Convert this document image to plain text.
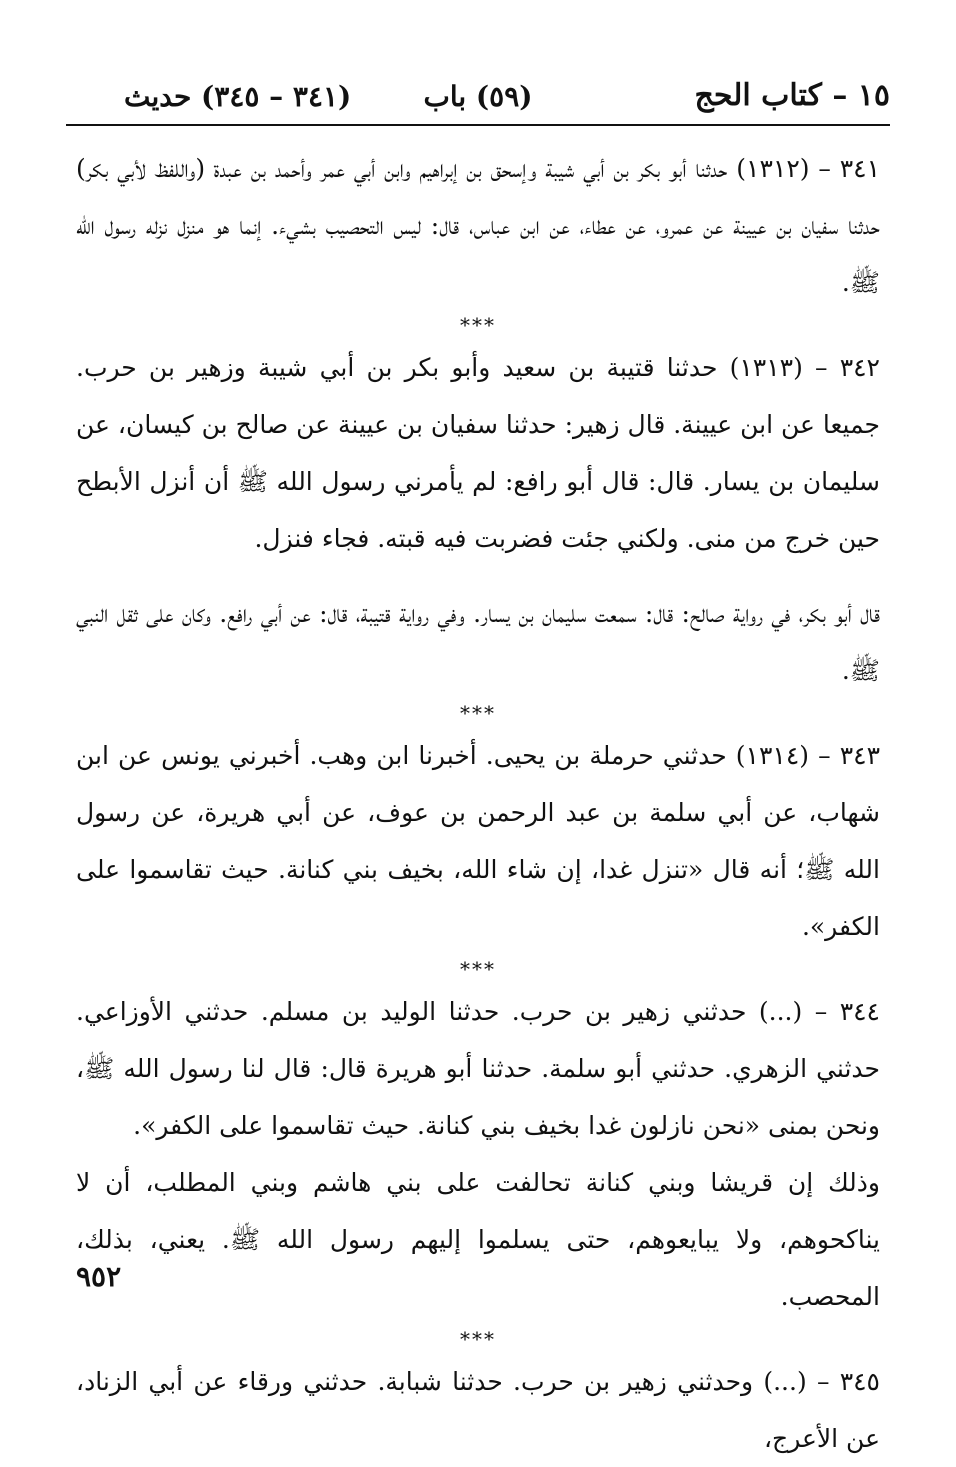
١٥ – كتاب الحج
(٥٩) باب
(٣٤١ – ٣٤٥) حديث

٣٤١ – (١٣١٢) حدثنا أبو بكر بن أبي شيبة وإسحق بن إبراهيم وابن أبي عمر وأحمد بن عبدة (واللفظ لأبي بكر) حدثنا سفيان بن عيينة عن عمرو، عن عطاء، عن ابن عباس، قال: ليس التحصيب بشيء. إنما هو منزل نزله رسول الله ﷺ.

***

٣٤٢ – (١٣١٣) حدثنا قتيبة بن سعيد وأبو بكر بن أبي شيبة وزهير بن حرب. جميعا عن ابن عيينة. قال زهير: حدثنا سفيان بن عيينة عن صالح بن كيسان، عن سليمان بن يسار. قال: قال أبو رافع: لم يأمرني رسول الله ﷺ أن أنزل الأبطح حين خرج من منى. ولكني جئت فضربت فيه قبته. فجاء فنزل.

قال أبو بكر، في رواية صالح: قال: سمعت سليمان بن يسار. وفي رواية قتيبة، قال: عن أبي رافع. وكان على ثقل النبي ﷺ.

***

٣٤٣ – (١٣١٤) حدثني حرملة بن يحيى. أخبرنا ابن وهب. أخبرني يونس عن ابن شهاب، عن أبي سلمة بن عبد الرحمن بن عوف، عن أبي هريرة، عن رسول الله ﷺ؛ أنه قال «تنزل غدا، إن شاء الله، بخيف بني كنانة. حيث تقاسموا على الكفر».

***

٣٤٤ – (...) حدثني زهير بن حرب. حدثنا الوليد بن مسلم. حدثني الأوزاعي. حدثني الزهري. حدثني أبو سلمة. حدثنا أبو هريرة قال: قال لنا رسول الله ﷺ، ونحن بمنى «نحن نازلون غدا بخيف بني كنانة. حيث تقاسموا على الكفر».

وذلك إن قريشا وبني كنانة تحالفت على بني هاشم وبني المطلب، أن لا يناكحوهم، ولا يبايعوهم، حتى يسلموا إليهم رسول الله ﷺ. يعني، بذلك، المحصب.

***

٣٤٥ – (...) وحدثني زهير بن حرب. حدثنا شبابة. حدثني ورقاء عن أبي الزناد، عن الأعرج،

٩٥٢
